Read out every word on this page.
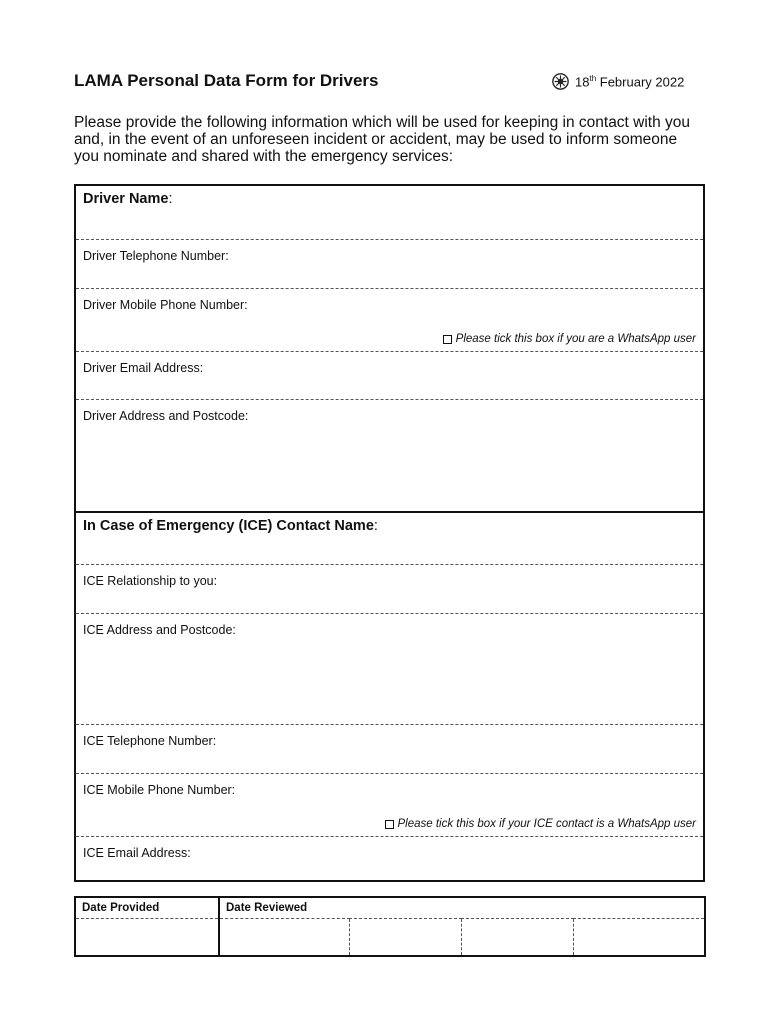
LAMA Personal Data Form for Drivers	18th February 2022
Please provide the following information which will be used for keeping in contact with you and, in the event of an unforeseen incident or accident, may be used to inform someone you nominate and shared with the emergency services:
Driver Name:
Driver Telephone Number:
Driver Mobile Phone Number:
Please tick this box if you are a WhatsApp user
Driver Email Address:
Driver Address and Postcode:
In Case of Emergency (ICE) Contact Name:
ICE Relationship to you:
ICE Address and Postcode:
ICE Telephone Number:
ICE Mobile Phone Number:
Please tick this box if your ICE contact is a WhatsApp user
ICE Email Address:
Date Provided	Date Reviewed			
